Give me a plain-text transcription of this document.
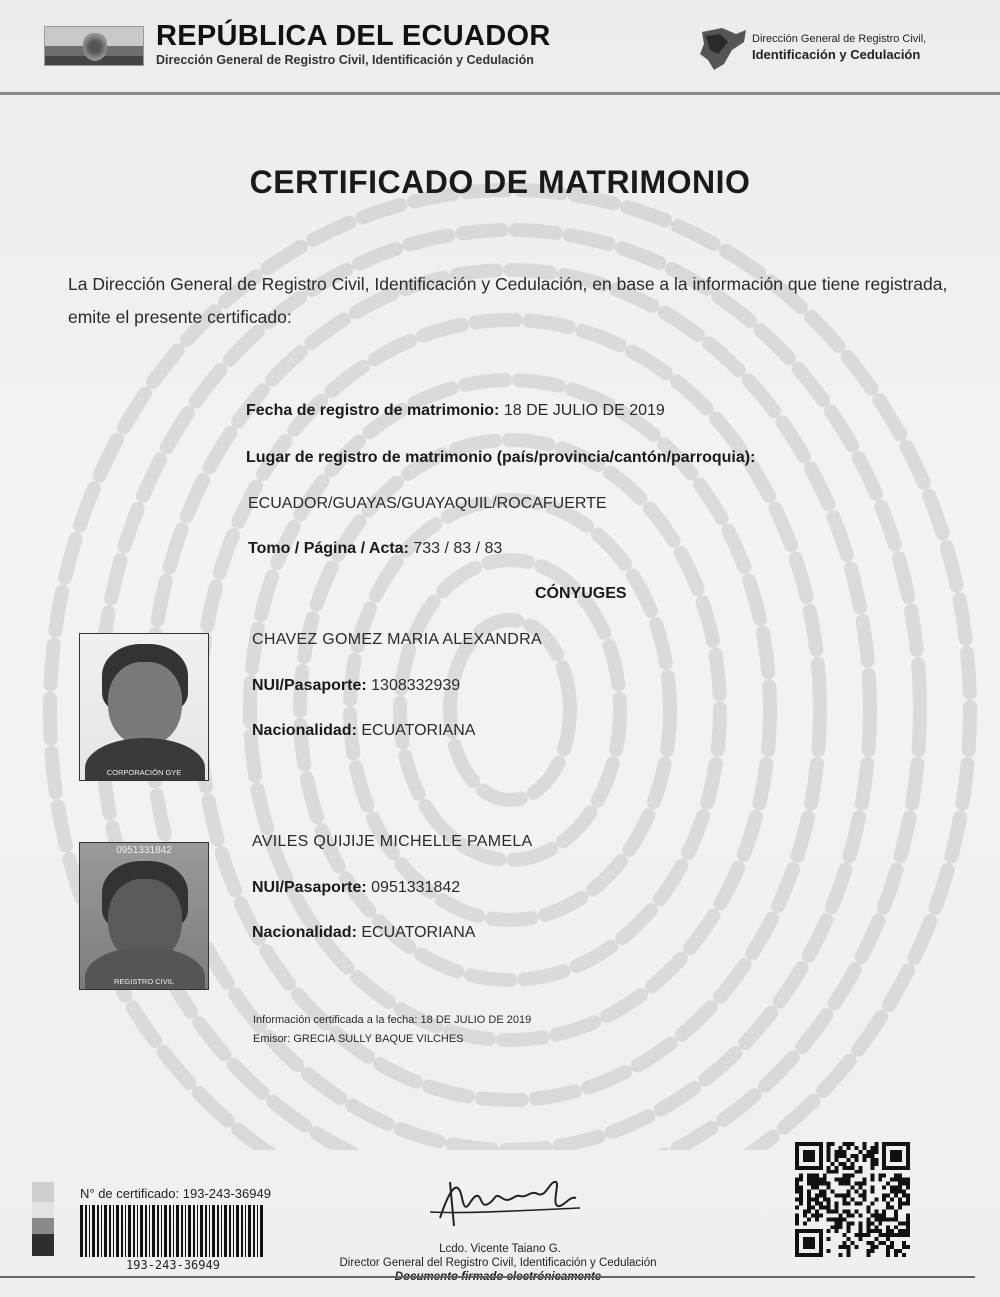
REPÚBLICA DEL ECUADOR
Dirección General de Registro Civil, Identificación y Cedulación
Dirección General de Registro Civil,
Identificación y Cedulación
CERTIFICADO DE MATRIMONIO
La Dirección General de Registro Civil, Identificación y Cedulación, en base a la información que tiene registrada, emite el presente certificado:
Fecha de registro de matrimonio: 18 DE JULIO DE 2019
Lugar de registro de matrimonio (país/provincia/cantón/parroquia):
ECUADOR/GUAYAS/GUAYAQUIL/ROCAFUERTE
Tomo / Página / Acta: 733 / 83 / 83
CÓNYUGES
CORPORACIÓN GYE
CHAVEZ GOMEZ MARIA ALEXANDRA
NUI/Pasaporte: 1308332939
Nacionalidad: ECUATORIANA
0951331842
REGISTRO CIVIL
AVILES QUIJIJE MICHELLE PAMELA
NUI/Pasaporte: 0951331842
Nacionalidad: ECUATORIANA
Información certificada a la fecha: 18 DE JULIO DE 2019
Emisor: GRECIA SULLY BAQUE VILCHES
N° de certificado: 193-243-36949
193-243-36949
Lcdo. Vicente Taiano G.
Director General del Registro Civil, Identificación y Cedulación
